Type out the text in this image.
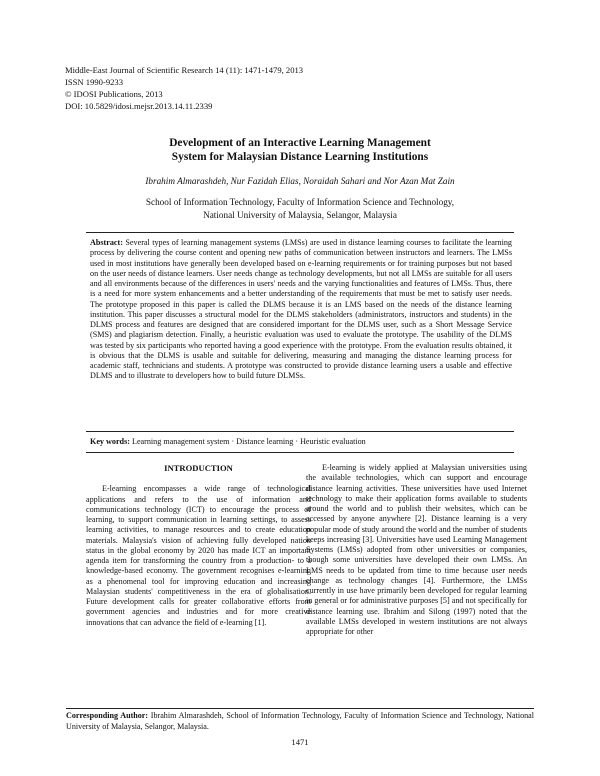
Middle-East Journal of Scientific Research 14 (11): 1471-1479, 2013
ISSN 1990-9233
© IDOSI Publications, 2013
DOI: 10.5829/idosi.mejsr.2013.14.11.2339
Development of an Interactive Learning Management
System for Malaysian Distance Learning Institutions
Ibrahim Almarashdeh, Nur Fazidah Elias, Noraidah Sahari and Nor Azan Mat Zain
School of Information Technology, Faculty of Information Science and Technology,
National University of Malaysia, Selangor, Malaysia
Abstract: Several types of learning management systems (LMSs) are used in distance learning courses to facilitate the learning process by delivering the course content and opening new paths of communication between instructors and learners. The LMSs used in most institutions have generally been developed based on e-learning requirements or for training purposes but not based on the user needs of distance learners. User needs change as technology developments, but not all LMSs are suitable for all users and all environments because of the differences in users' needs and the varying functionalities and features of LMSs. Thus, there is a need for more system enhancements and a better understanding of the requirements that must be met to satisfy user needs. The prototype proposed in this paper is called the DLMS because it is an LMS based on the needs of the distance learning institution. This paper discusses a structural model for the DLMS stakeholders (administrators, instructors and students) in the DLMS process and features are designed that are considered important for the DLMS user, such as a Short Message Service (SMS) and plagiarism detection. Finally, a heuristic evaluation was used to evaluate the prototype. The usability of the DLMS was tested by six participants who reported having a good experience with the prototype. From the evaluation results obtained, it is obvious that the DLMS is usable and suitable for delivering, measuring and managing the distance learning process for academic staff, technicians and students. A prototype was constructed to provide distance learning users a usable and effective DLMS and to illustrate to developers how to build future DLMSs.
Key words: Learning management system · Distance learning · Heuristic evaluation
INTRODUCTION

E-learning encompasses a wide range of technological applications and refers to the use of information and communications technology (ICT) to encourage the process of learning, to support communication in learning settings, to assess learning activities, to manage resources and to create education materials. Malaysia's vision of achieving fully developed nation status in the global economy by 2020 has made ICT an important agenda item for transforming the country from a production- to a knowledge-based economy. The government recognises e-learning as a phenomenal tool for improving education and increasing Malaysian students' competitiveness in the era of globalisation. Future development calls for greater collaborative efforts from government agencies and industries and for more creative innovations that can advance the field of e-learning [1].

E-learning is widely applied at Malaysian universities using the available technologies, which can support and encourage distance learning activities. These universities have used Internet technology to make their application forms available to students around the world and to publish their websites, which can be accessed by anyone anywhere [2]. Distance learning is a very popular mode of study around the world and the number of students keeps increasing [3]. Universities have used Learning Management Systems (LMSs) adopted from other universities or companies, though some universities have developed their own LMSs. An LMS needs to be updated from time to time because user needs change as technology changes [4]. Furthermore, the LMSs currently in use have primarily been developed for regular learning in general or for administrative purposes [5] and not specifically for distance learning use. Ibrahim and Silong (1997) noted that the available LMSs developed in western institutions are not always appropriate for other

Corresponding Author: Ibrahim Almarashdeh, School of Information Technology, Faculty of Information Science and Technology, National University of Malaysia, Selangor, Malaysia.
1471
